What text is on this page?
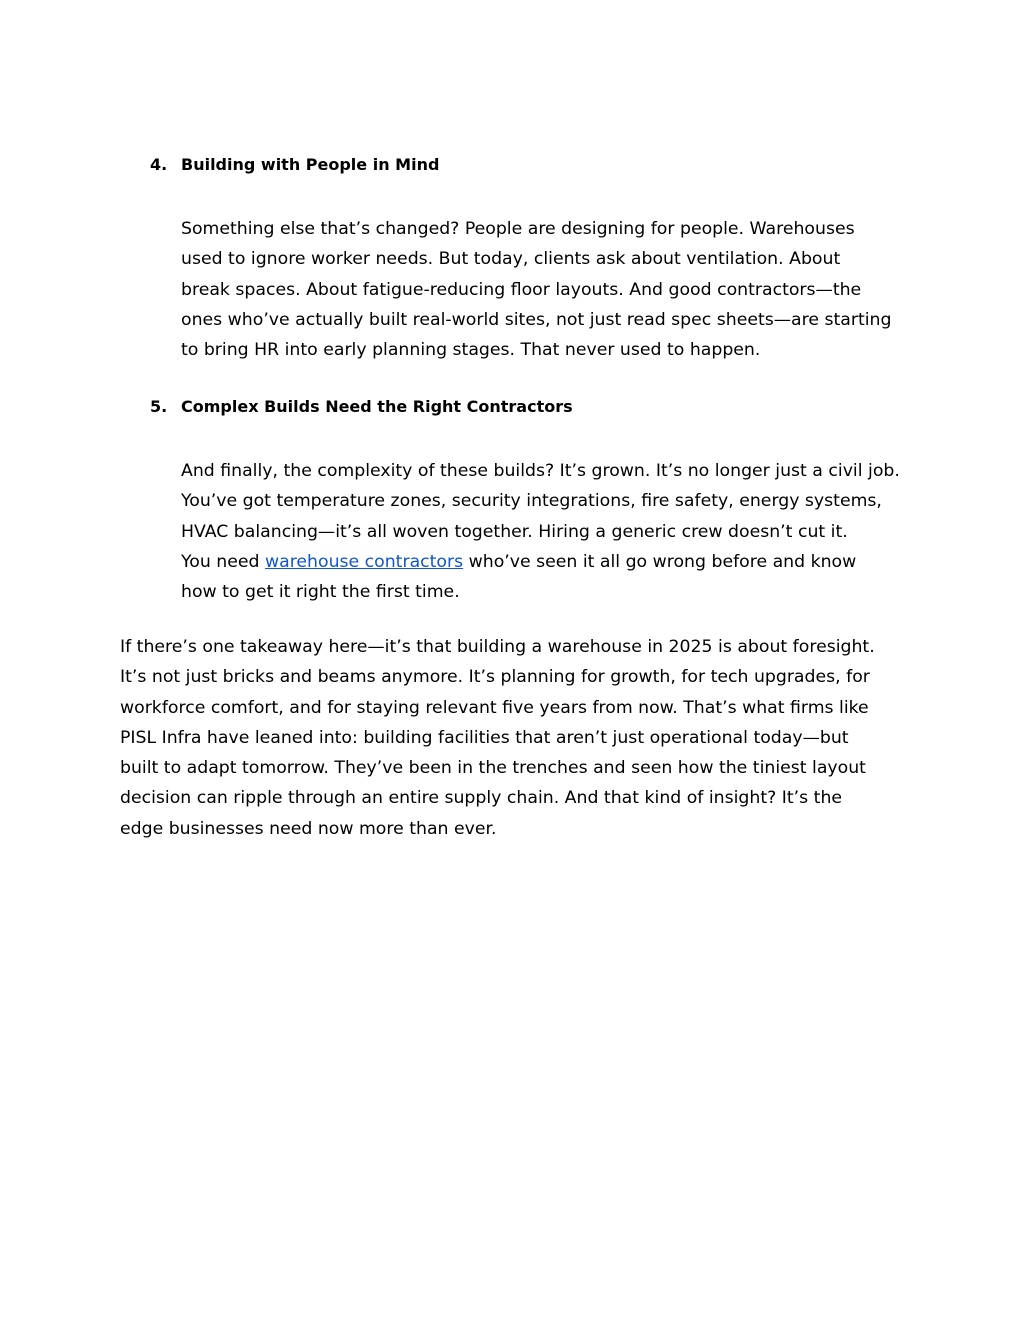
4. Building with People in Mind
Something else that’s changed? People are designing for people. Warehouses
used to ignore worker needs. But today, clients ask about ventilation. About
break spaces. About fatigue-reducing floor layouts. And good contractors—the
ones who’ve actually built real-world sites, not just read spec sheets—are starting
to bring HR into early planning stages. That never used to happen.
5. Complex Builds Need the Right Contractors
And finally, the complexity of these builds? It’s grown. It’s no longer just a civil job.
You’ve got temperature zones, security integrations, fire safety, energy systems,
HVAC balancing—it’s all woven together. Hiring a generic crew doesn’t cut it.
You need warehouse contractors who’ve seen it all go wrong before and know
how to get it right the first time.
If there’s one takeaway here—it’s that building a warehouse in 2025 is about foresight.
It’s not just bricks and beams anymore. It’s planning for growth, for tech upgrades, for
workforce comfort, and for staying relevant five years from now. That’s what firms like
PISL Infra have leaned into: building facilities that aren’t just operational today—but
built to adapt tomorrow. They’ve been in the trenches and seen how the tiniest layout
decision can ripple through an entire supply chain. And that kind of insight? It’s the
edge businesses need now more than ever.
